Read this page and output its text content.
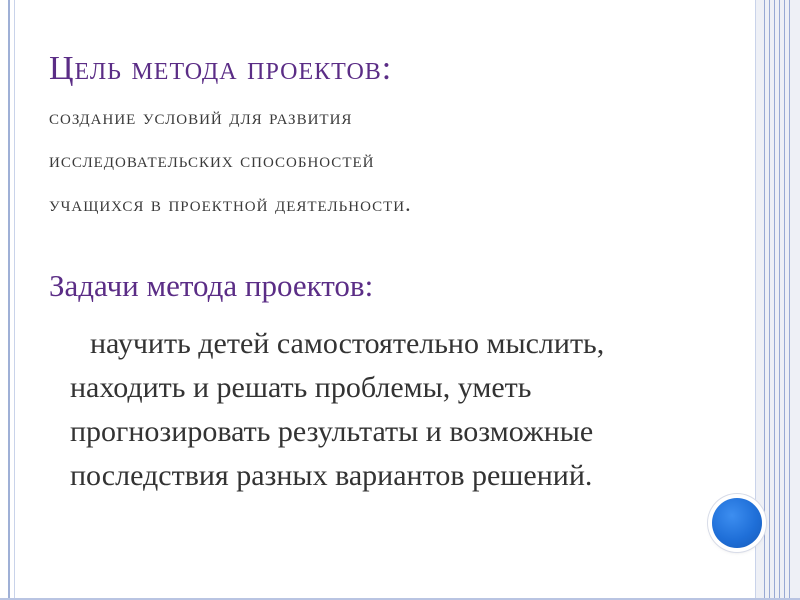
Цель метода проектов:

создание условий для развития

исследовательских способностей

учащихся в проектной деятельности.

Задачи метода проектов:

научить детей самостоятельно мыслить, находить и решать проблемы, уметь прогнозировать результаты и возможные последствия разных вариантов решений.
